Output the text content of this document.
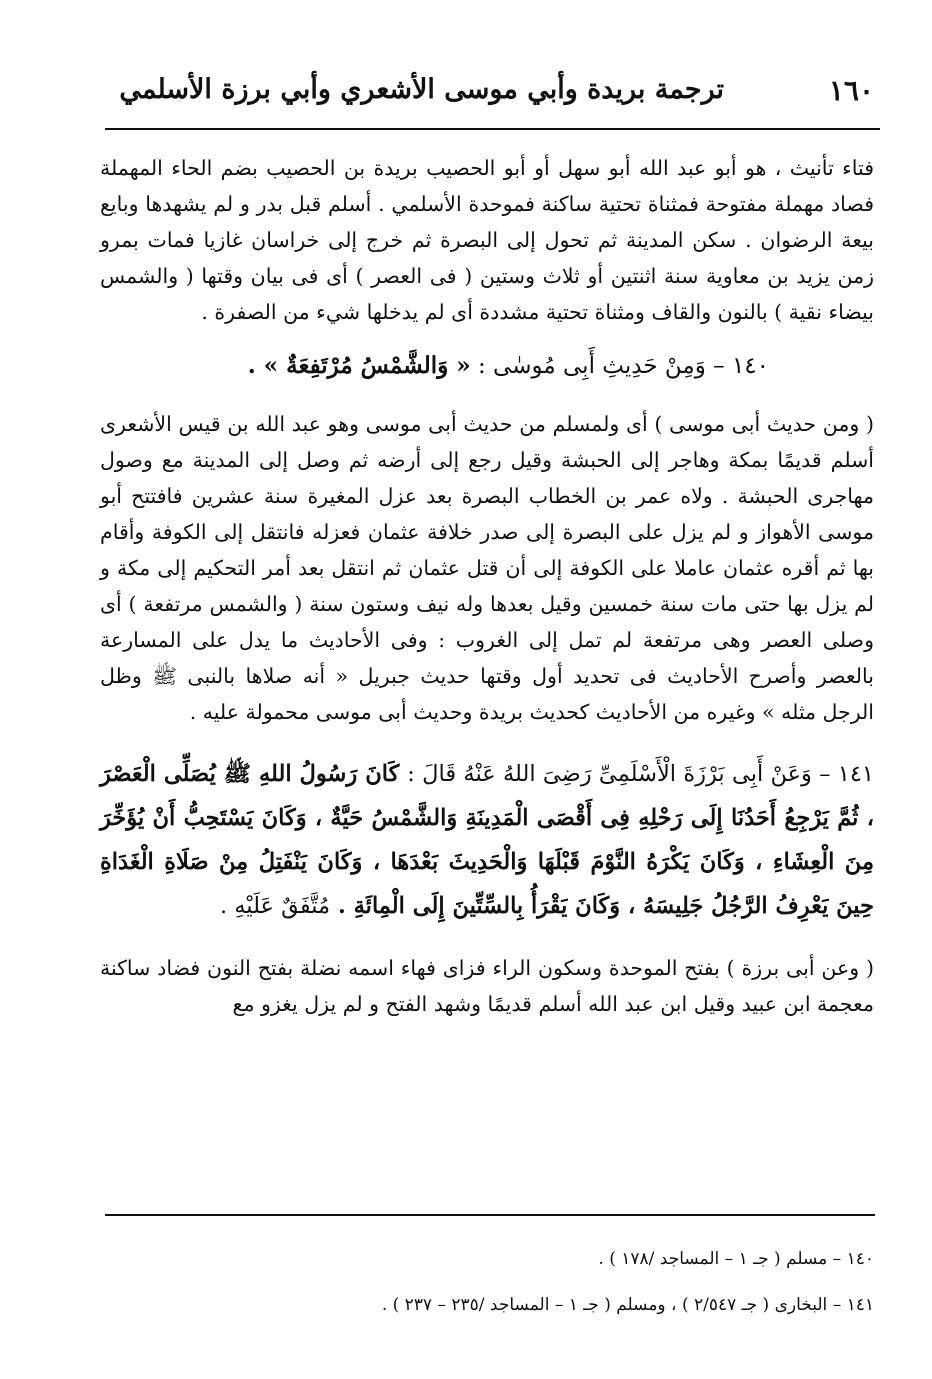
١٦٠
ترجمة بريدة وأبي موسى الأشعري وأبي برزة الأسلمي

فتاء تأنيث ، هو أبو عبد الله أبو سهل أو أبو الحصيب بريدة بن الحصيب بضم الحاء المهملة فصاد مهملة مفتوحة فمثناة تحتية ساكنة فموحدة الأسلمي . أسلم قبل بدر و لم يشهدها وبايع بيعة الرضوان . سكن المدينة ثم تحول إلى البصرة ثم خرج إلى خراسان غازيا فمات بمرو زمن يزيد بن معاوية سنة اثنتين أو ثلاث وستين ( فى العصر ) أى فى بيان وقتها ( والشمس بيضاء نقية ) بالنون والقاف ومثناة تحتية مشددة أى لم يدخلها شيء من الصفرة .

١٤٠ – وَمِنْ حَدِيثِ أَبِى مُوسٰى : « وَالشَّمْسُ مُرْتَفِعَةٌ » .

( ومن حديث أبى موسى ) أى ولمسلم من حديث أبى موسى وهو عبد الله بن قيس الأشعرى أسلم قديمًا بمكة وهاجر إلى الحبشة وقيل رجع إلى أرضه ثم وصل إلى المدينة مع وصول مهاجرى الحبشة . ولاه عمر بن الخطاب البصرة بعد عزل المغيرة سنة عشرين فافتتح أبو موسى الأهواز و لم يزل على البصرة إلى صدر خلافة عثمان فعزله فانتقل إلى الكوفة وأقام بها ثم أقره عثمان عاملا على الكوفة إلى أن قتل عثمان ثم انتقل بعد أمر التحكيم إلى مكة و لم يزل بها حتى مات سنة خمسين وقيل بعدها وله نيف وستون سنة ( والشمس مرتفعة ) أى وصلى العصر وهى مرتفعة لم تمل إلى الغروب : وفى الأحاديث ما يدل على المسارعة بالعصر وأصرح الأحاديث فى تحديد أول وقتها حديث جبريل « أنه صلاها بالنبى ﷺ وظل الرجل مثله » وغيره من الأحاديث كحديث بريدة وحديث أبى موسى محمولة عليه .

١٤١ – وَعَنْ أَبِى بَرْزَةَ الْأَسْلَمِىِّ رَضِىَ اللهُ عَنْهُ قَالَ : كَانَ رَسُولُ اللهِ ﷺ يُصَلِّى الْعَصْرَ ، ثُمَّ يَرْجِعُ أَحَدُنَا إِلَى رَحْلِهِ فِى أَقْصَى الْمَدِينَةِ وَالشَّمْسُ حَيَّةٌ ، وَكَانَ يَسْتَحِبُّ أَنْ يُؤَخِّرَ مِنَ الْعِشَاءِ ، وَكَانَ يَكْرَهُ النَّوْمَ قَبْلَهَا وَالْحَدِيثَ بَعْدَهَا ، وَكَانَ يَنْفَتِلُ مِنْ صَلَاةِ الْغَدَاةِ حِينَ يَعْرِفُ الرَّجُلُ جَلِيسَهُ ، وَكَانَ يَقْرَأُ بِالسِّتِّينَ إِلَى الْمِائَةِ . مُتَّفَقٌ عَلَيْهِ .

( وعن أبى برزة ) بفتح الموحدة وسكون الراء فزاى فهاء اسمه نضلة بفتح النون فضاد ساكنة معجمة ابن عبيد وقيل ابن عبد الله أسلم قديمًا وشهد الفتح و لم يزل يغزو مع

١٤٠ – مسلم ( جـ ١ – المساجد /١٧٨ ) .

١٤١ – البخارى ( جـ ٢/٥٤٧ ) ، ومسلم ( جـ ١ – المساجد /٢٣٥ – ٢٣٧ ) .
